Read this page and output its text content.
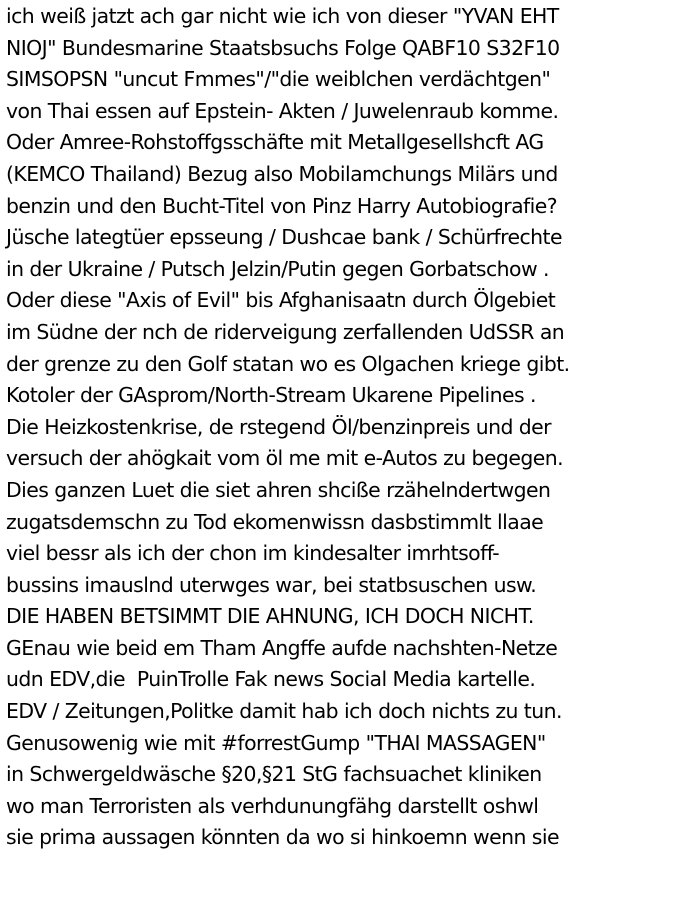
ich weiß jatzt ach gar nicht wie ich von dieser "YVAN EHT
NIOJ" Bundesmarine Staatsbsuchs Folge QABF10 S32F10
SIMSOPSN "uncut Fmmes"/"die weiblchen verdächtgen"
von Thai essen auf Epstein- Akten / Juwelenraub komme.
Oder Amree-Rohstoffgsschäfte mit Metallgesellshcft AG
(KEMCO Thailand) Bezug also Mobilamchungs Milärs und
benzin und den Bucht-Titel von Pinz Harry Autobiografie?
Jüsche lategtüer epsseung / Dushcae bank / Schürfrechte
in der Ukraine / Putsch Jelzin/Putin gegen Gorbatschow .
Oder diese "Axis of Evil" bis Afghanisaatn durch Ölgebiet
im Südne der nch de riderveigung zerfallenden UdSSR an
der grenze zu den Golf statan wo es Olgachen kriege gibt.
Kotoler der GAsprom/North-Stream Ukarene Pipelines .
Die Heizkostenkrise, de rstegend Öl/benzinpreis und der
versuch der ahögkait vom öl me mit e-Autos zu begegen.
Dies ganzen Luet die siet ahren shciße rzähelndertwgen
zugatsdemschn zu Tod ekomenwissn dasbstimmlt llaae
viel bessr als ich der chon im kindesalter imrhtsoff-
bussins imauslnd uterwges war, bei statbsuschen usw.
DIE HABEN BETSIMMT DIE AHNUNG, ICH DOCH NICHT.
GEnau wie beid em Tham Angffe aufde nachshten-Netze
udn EDV,die  PuinTrolle Fak news Social Media kartelle.
EDV / Zeitungen,Politke damit hab ich doch nichts zu tun.
Genusowenig wie mit #forrestGump "THAI MASSAGEN"
in Schwergeldwäsche §20,§21 StG fachsuachet kliniken
wo man Terroristen als verhdunungfähg darstellt oshwl
sie prima aussagen könnten da wo si hinkoemn wenn sie
